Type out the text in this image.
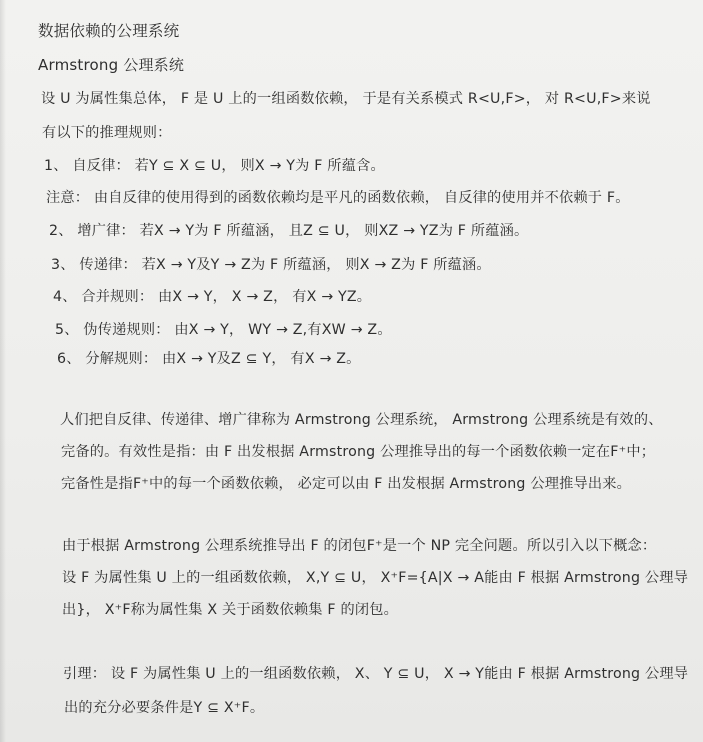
数据依赖的公理系统
Armstrong 公理系统
设 U 为属性集总体， F 是 U 上的一组函数依赖， 于是有关系模式 R<U,F>， 对 R<U,F>来说
有以下的推理规则：
1、 自反律： 若Y ⊆ X ⊆ U， 则X → Y为 F 所蕴含。
注意： 由自反律的使用得到的函数依赖均是平凡的函数依赖， 自反律的使用并不依赖于 F。
2、 增广律： 若X → Y为 F 所蕴涵， 且Z ⊆ U， 则XZ → YZ为 F 所蕴涵。
3、 传递律： 若X → Y及Y → Z为 F 所蕴涵， 则X → Z为 F 所蕴涵。
4、 合并规则： 由X → Y， X → Z， 有X → YZ。
5、 伪传递规则： 由X → Y， WY → Z,有XW → Z。
6、 分解规则： 由X → Y及Z ⊆ Y， 有X → Z。
人们把自反律、传递律、增广律称为 Armstrong 公理系统， Armstrong 公理系统是有效的、
完备的。有效性是指：由 F 出发根据 Armstrong 公理推导出的每一个函数依赖一定在F⁺中；
完备性是指F⁺中的每一个函数依赖， 必定可以由 F 出发根据 Armstrong 公理推导出来。
由于根据 Armstrong 公理系统推导出 F 的闭包F⁺是一个 NP 完全问题。所以引入以下概念：
设 F 为属性集 U 上的一组函数依赖， X,Y ⊆ U， X⁺F={A|X → A能由 F 根据 Armstrong 公理导
出}， X⁺F称为属性集 X 关于函数依赖集 F 的闭包。
引理： 设 F 为属性集 U 上的一组函数依赖， X、 Y ⊆ U， X → Y能由 F 根据 Armstrong 公理导
出的充分必要条件是Y ⊆ X⁺F。
